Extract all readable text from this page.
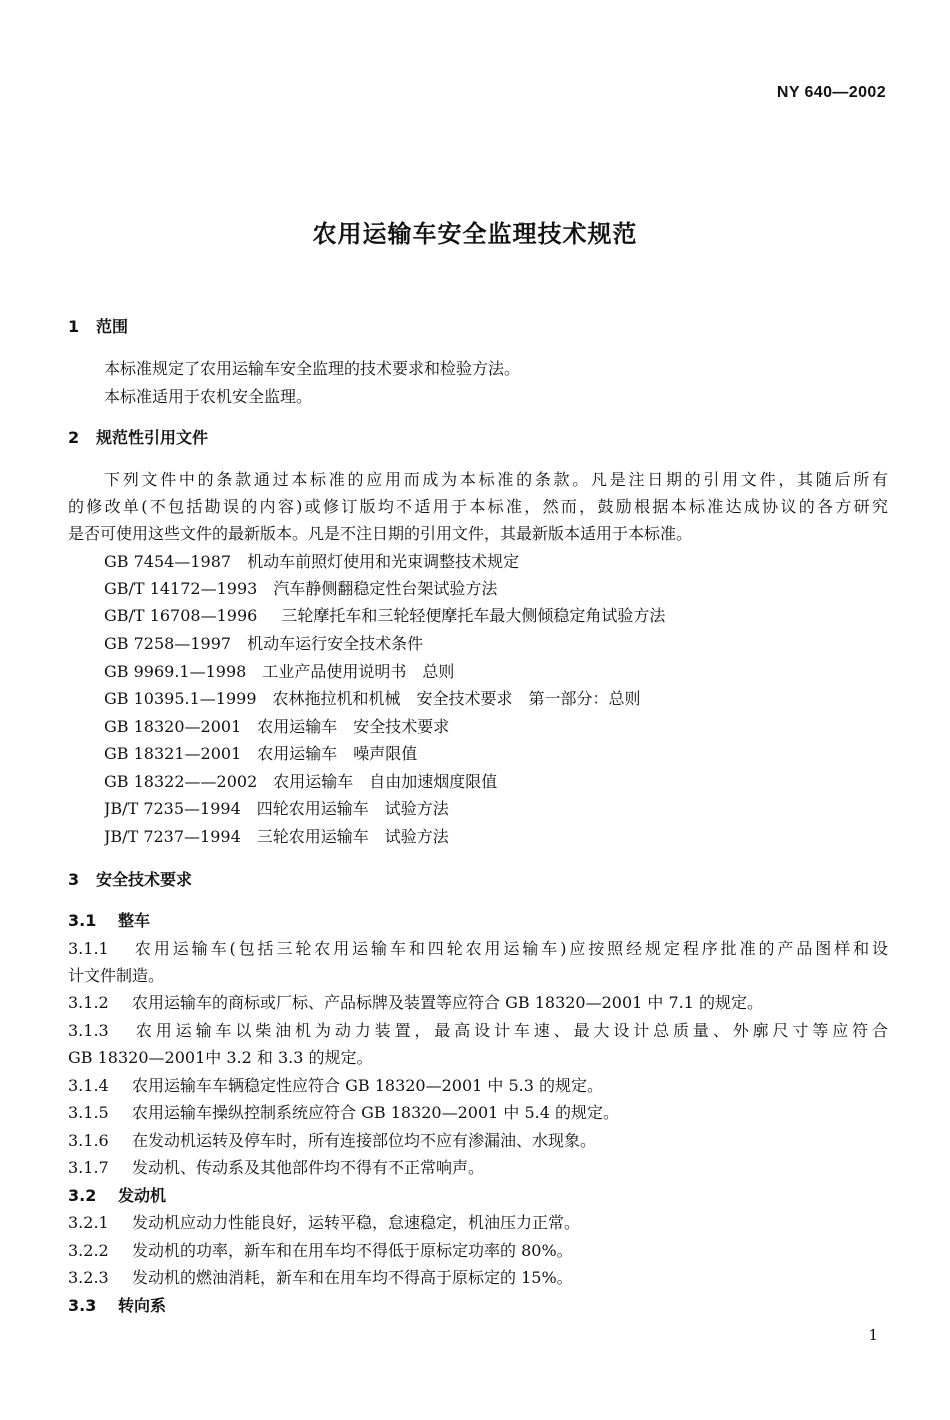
NY 640—2002
农用运输车安全监理技术规范
1 范围
本标准规定了农用运输车安全监理的技术要求和检验方法。
本标准适用于农机安全监理。
2 规范性引用文件
下列文件中的条款通过本标准的应用而成为本标准的条款。凡是注日期的引用文件，其随后所有
的修改单(不包括勘误的内容)或修订版均不适用于本标准，然而，鼓励根据本标准达成协议的各方研究
是否可使用这些文件的最新版本。凡是不注日期的引用文件，其最新版本适用于本标准。
GB 7454—1987 机动车前照灯使用和光束调整技术规定
GB/T 14172—1993 汽车静侧翻稳定性台架试验方法
GB/T 16708—1996 三轮摩托车和三轮轻便摩托车最大侧倾稳定角试验方法
GB 7258—1997 机动车运行安全技术条件
GB 9969.1—1998 工业产品使用说明书　总则
GB 10395.1—1999 农林拖拉机和机械　安全技术要求　第一部分：总则
GB 18320—2001 农用运输车　安全技术要求
GB 18321—2001 农用运输车　噪声限值
GB 18322——2002 农用运输车　自由加速烟度限值
JB/T 7235—1994 四轮农用运输车　试验方法
JB/T 7237—1994 三轮农用运输车　试验方法
3 安全技术要求
3.1 整车
3.1.1 农用运输车(包括三轮农用运输车和四轮农用运输车)应按照经规定程序批准的产品图样和设
计文件制造。
3.1.2 农用运输车的商标或厂标、产品标牌及装置等应符合 GB 18320—2001 中 7.1 的规定。
3.1.3 农用运输车以柴油机为动力装置，最高设计车速、最大设计总质量、外廓尺寸等应符合
GB 18320—2001中 3.2 和 3.3 的规定。
3.1.4 农用运输车车辆稳定性应符合 GB 18320—2001 中 5.3 的规定。
3.1.5 农用运输车操纵控制系统应符合 GB 18320—2001 中 5.4 的规定。
3.1.6 在发动机运转及停车时，所有连接部位均不应有渗漏油、水现象。
3.1.7 发动机、传动系及其他部件均不得有不正常响声。
3.2 发动机
3.2.1 发动机应动力性能良好，运转平稳，怠速稳定，机油压力正常。
3.2.2 发动机的功率，新车和在用车均不得低于原标定功率的 80%。
3.2.3 发动机的燃油消耗，新车和在用车均不得高于原标定的 15%。
3.3 转向系
1
